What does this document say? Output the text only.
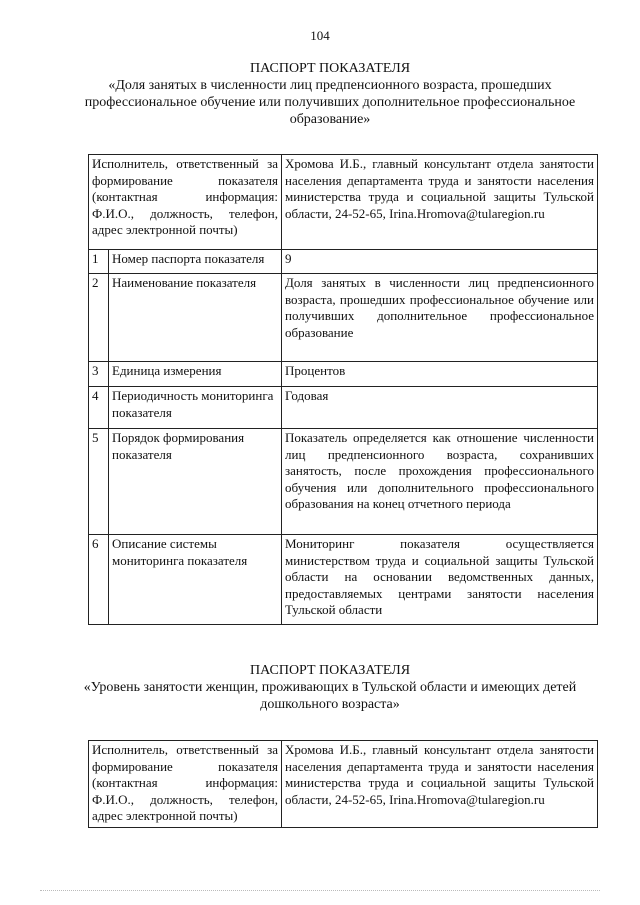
104
ПАСПОРТ ПОКАЗАТЕЛЯ
«Доля занятых в численности лиц предпенсионного возраста, прошедших профессиональное обучение или получивших дополнительное профессиональное образование»
Исполнитель, ответственный за формирование показателя (контактная информация: Ф.И.О., должность, телефон, адрес электронной почты)		Хромова И.Б., главный консультант отдела занятости населения департамента труда и занятости населения министерства труда и социальной защиты Тульской области, 24-52-65, Irina.Hromova@tularegion.ru
1	Номер паспорта показателя	9
2	Наименование показателя	Доля занятых в численности лиц предпенсионного возраста, прошедших профессиональное обучение или получивших дополнительное профессиональное образование
3	Единица измерения	Процентов
4	Периодичность мониторинга показателя	Годовая
5	Порядок формирования показателя	Показатель определяется как отношение численности лиц предпенсионного возраста, сохранивших занятость, после прохождения профессионального обучения или дополнительного профессионального образования на конец отчетного периода
6	Описание системы мониторинга показателя	Мониторинг показателя осуществляется министерством труда и социальной защиты Тульской области на основании ведомственных данных, предоставляемых центрами занятости населения Тульской области
ПАСПОРТ ПОКАЗАТЕЛЯ
«Уровень занятости женщин, проживающих в Тульской области и имеющих детей дошкольного возраста»
Исполнитель, ответственный за формирование показателя (контактная информация: Ф.И.О., должность, телефон, адрес электронной почты)	Хромова И.Б., главный консультант отдела занятости населения департамента труда и занятости населения министерства труда и социальной защиты Тульской области, 24-52-65, Irina.Hromova@tularegion.ru
